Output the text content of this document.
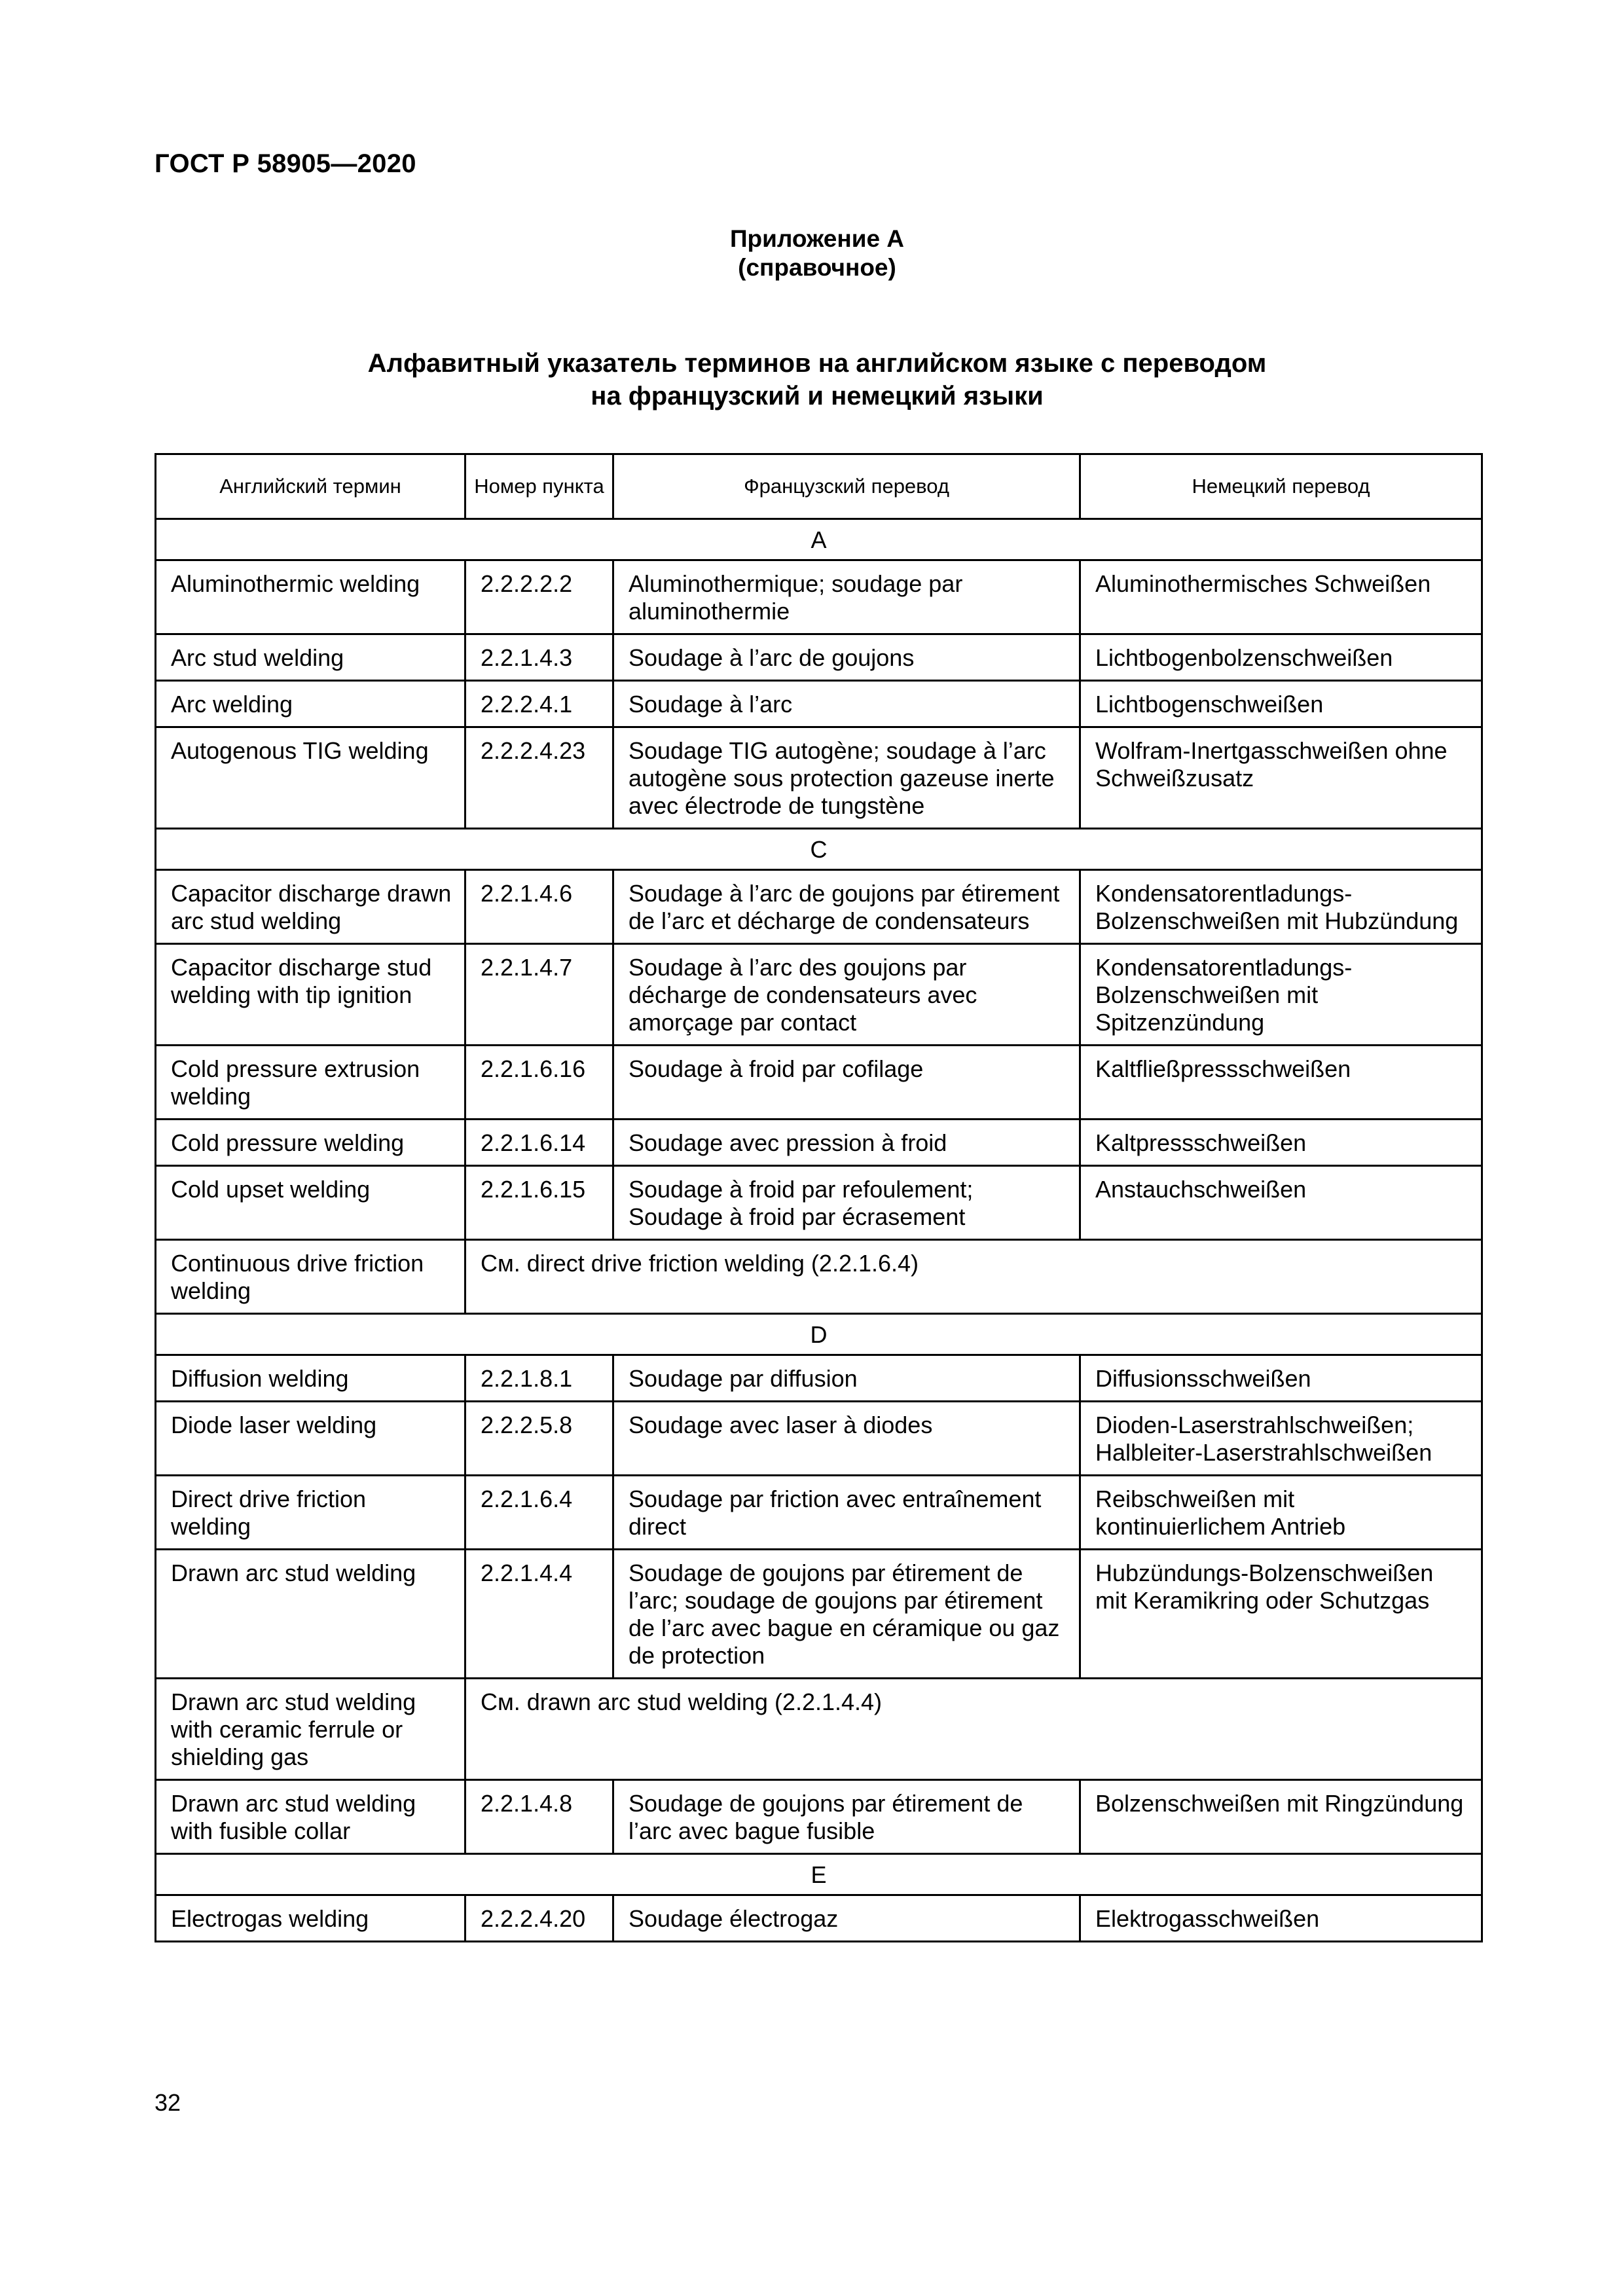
ГОСТ Р 58905—2020
Приложение А
(справочное)
Алфавитный указатель терминов на английском языке с переводом
на французский и немецкий языки
Английский термин	Номер пункта	Французский перевод	Немецкий перевод
A			
Aluminothermic welding	2.2.2.2.2	Aluminothermique; soudage par aluminothermie	Aluminothermisches Schweißen
Arc stud welding	2.2.1.4.3	Soudage à l’arc de goujons	Lichtbogenbolzenschweißen
Arc welding	2.2.2.4.1	Soudage à l’arc	Lichtbogenschweißen
Autogenous TIG welding	2.2.2.4.23	Soudage TIG autogène; soudage à l’arc autogène sous protection gazeuse inerte avec électrode de tungstène	Wolfram-Inertgasschweißen ohne Schweißzusatz
C			
Capacitor discharge drawn arc stud welding	2.2.1.4.6	Soudage à l’arc de goujons par étirement de l’arc et décharge de condensateurs	Kondensatorentladungs-Bolzenschweißen mit Hubzündung
Capacitor discharge stud welding with tip ignition	2.2.1.4.7	Soudage à l’arc des goujons par décharge de condensateurs avec amorçage par contact	Kondensatorentladungs-Bolzenschweißen mit Spitzenzündung
Cold pressure extrusion welding	2.2.1.6.16	Soudage à froid par cofilage	Kaltfließpressschweißen
Cold pressure welding	2.2.1.6.14	Soudage avec pression à froid	Kaltpressschweißen
Cold upset welding	2.2.1.6.15	Soudage à froid par refoulement; Soudage à froid par écrasement	Anstauchschweißen
Continuous drive friction welding	См. direct drive friction welding (2.2.1.6.4)		
D			
Diffusion welding	2.2.1.8.1	Soudage par diffusion	Diffusionsschweißen
Diode laser welding	2.2.2.5.8	Soudage avec laser à diodes	Dioden-Laserstrahlschweißen; Halbleiter-Laserstrahlschweißen
Direct drive friction welding	2.2.1.6.4	Soudage par friction avec entraînement direct	Reibschweißen mit kontinuierlichem Antrieb
Drawn arc stud welding	2.2.1.4.4	Soudage de goujons par étirement de l’arc; soudage de goujons par étirement de l’arc avec bague en céramique ou gaz de protection	Hubzündungs-Bolzenschweißen mit Keramikring oder Schutzgas
Drawn arc stud welding with ceramic ferrule or shielding gas	См. drawn arc stud welding (2.2.1.4.4)		
Drawn arc stud welding with fusible collar	2.2.1.4.8	Soudage de goujons par étirement de l’arc avec bague fusible	Bolzenschweißen mit Ringzündung
E			
Electrogas welding	2.2.2.4.20	Soudage électrogaz	Elektrogasschweißen
32
